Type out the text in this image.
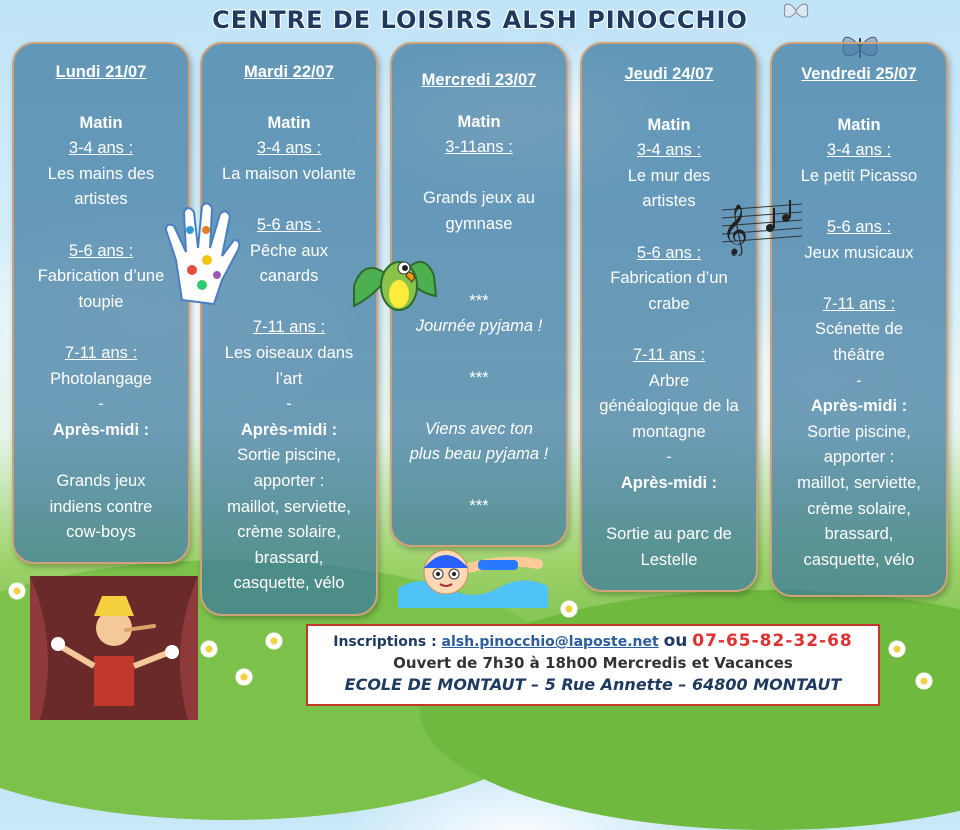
CENTRE DE LOISIRS ALSH PINOCCHIO
Lundi 21/07
Matin
3-4 ans :
Les mains des
artistes
5-6 ans :
Fabrication d’une
toupie
7-11 ans :
Photolangage
-
Après-midi :
Grands jeux
indiens contre
cow-boys
Mardi 22/07
Matin
3-4 ans :
La maison volante
5-6 ans :
Pêche aux
canards
7-11 ans :
Les oiseaux dans
l’art
-
Après-midi :
Sortie piscine,
apporter :
maillot, serviette,
crème solaire,
brassard,
casquette, vélo
Mercredi 23/07
Matin
3-11ans :
Grands jeux au
gymnase
***
Journée pyjama !
***
Viens avec ton
plus beau pyjama !
***
Jeudi 24/07
Matin
3-4 ans :
Le mur des
artistes
5-6 ans :
Fabrication d’un
crabe
7-11 ans :
Arbre
généalogique de la
montagne
-
Après-midi :
Sortie au parc de
Lestelle
Vendredi 25/07
Matin
3-4 ans :
Le petit Picasso
5-6 ans :
Jeux musicaux
7-11 ans :
Scénette de
théâtre
-
Après-midi :
Sortie piscine,
apporter :
maillot, serviette,
crème solaire,
brassard,
casquette, vélo
𝄞
Inscriptions : alsh.pinocchio@laposte.net ou 07-65-82-32-68
Ouvert de 7h30 à 18h00 Mercredis et Vacances
ECOLE DE MONTAUT – 5 Rue Annette – 64800 MONTAUT
